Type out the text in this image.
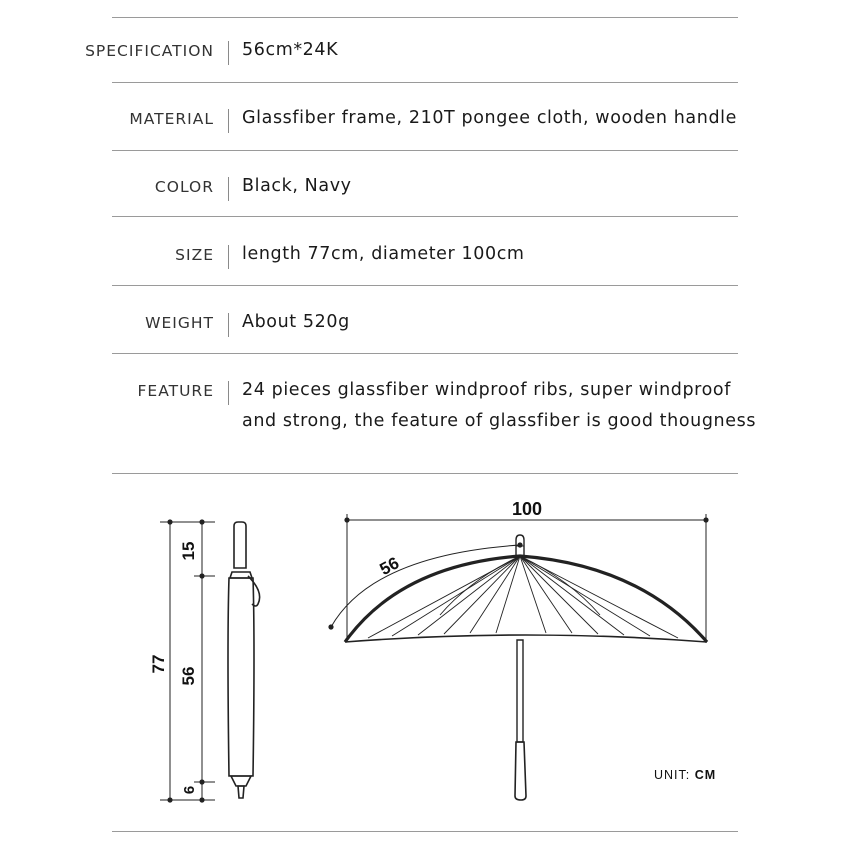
SPECIFICATION 56cm*24K
MATERIAL Glassfiber frame, 210T pongee cloth, wooden handle
COLOR Black, Navy
SIZE length 77cm, diameter 100cm
WEIGHT About 520g
FEATURE 24 pieces glassfiber windproof ribs, super windproof
and strong, the feature of glassfiber is good thougness
77
15
56
6
100
56
UNIT: CM
